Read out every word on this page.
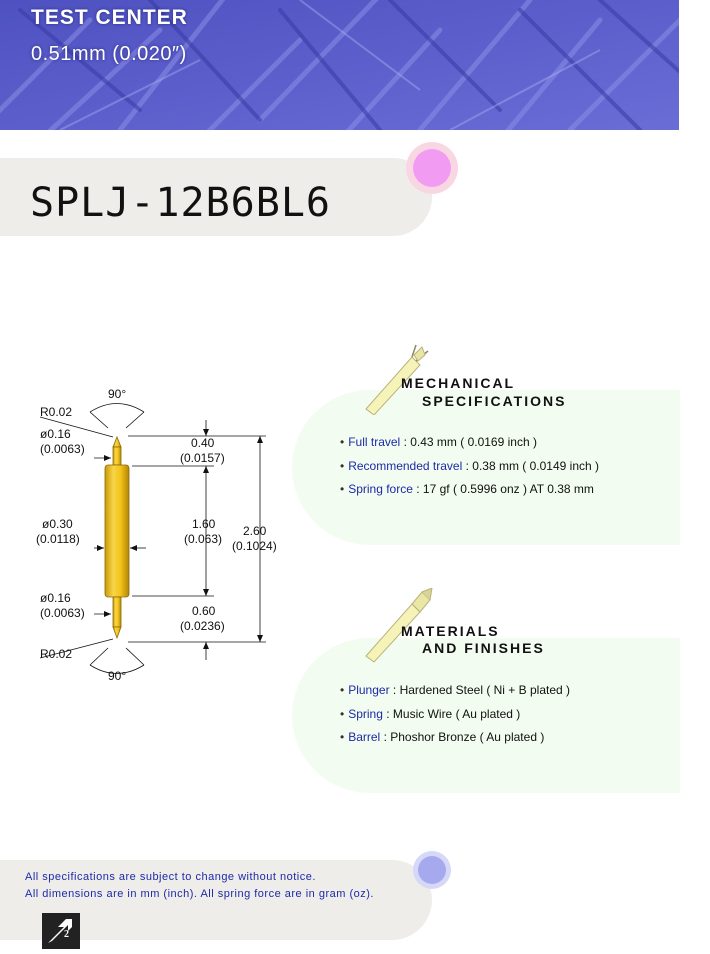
TEST CENTER
0.51mm (0.020″)
SPLJ-12B6BL6
90°
R0.02
ø0.16
(0.0063)
ø0.30
(0.0118)
ø0.16
(0.0063)
R0.02
90°
0.40
(0.0157)
1.60
(0.063)
2.60
(0.1024)
0.60
(0.0236)
MECHANICAL
SPECIFICATIONS
• Full travel : 0.43 mm ( 0.0169 inch )
• Recommended travel : 0.38 mm ( 0.0149 inch )
• Spring force : 17 gf ( 0.5996 onz ) AT 0.38 mm
MATERIALS
AND FINISHES
• Plunger : Hardened Steel ( Ni + B plated )
• Spring : Music Wire ( Au plated )
• Barrel : Phoshor Bronze ( Au plated )
All specifications are subject to change without notice.
All dimensions are in mm (inch). All spring force are in gram (oz).
2
